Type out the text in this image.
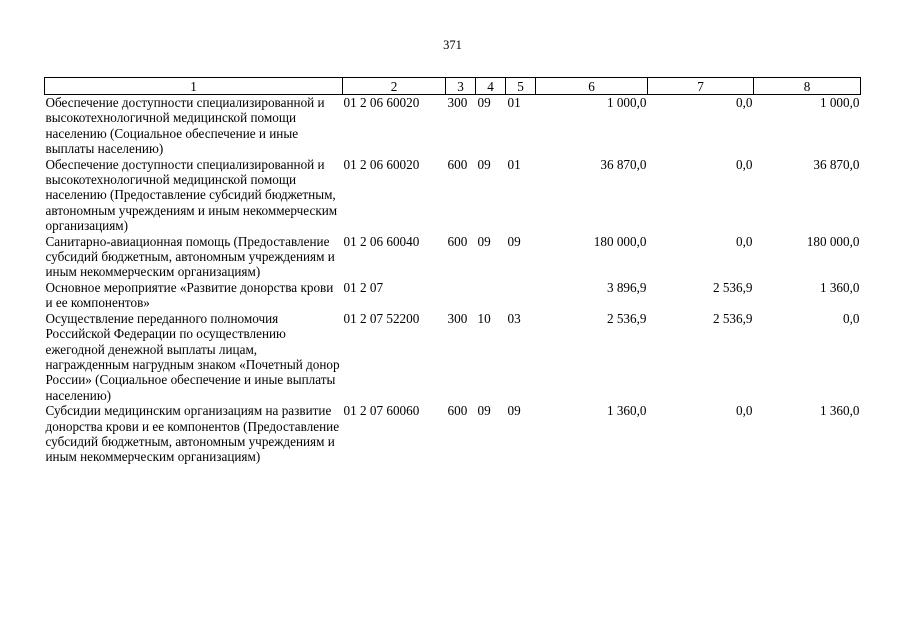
371
1	2	3	4	5	6	7	8
Обеспечение доступности специализированной и высокотехнологичной медицинской помощи населению (Социальное обеспечение и иные выплаты населению)	01 2 06 60020	300	09	01	1 000,0	0,0	1 000,0
Обеспечение доступности специализированной и высокотехнологичной медицинской помощи населению (Предоставление субсидий бюджетным, автономным учреждениям и иным некоммерческим организациям)	01 2 06 60020	600	09	01	36 870,0	0,0	36 870,0
Санитарно-авиационная помощь (Предоставление субсидий бюджетным, автономным учреждениям и иным некоммерческим организациям)	01 2 06 60040	600	09	09	180 000,0	0,0	180 000,0
Основное мероприятие «Развитие донорства крови и ее компонентов»	01 2 07				3 896,9	2 536,9	1 360,0
Осуществление переданного полномочия Российской Федерации по осуществлению ежегодной денежной выплаты лицам, награжденным нагрудным знаком «Почетный донор России» (Социальное обеспечение и иные выплаты населению)	01 2 07 52200	300	10	03	2 536,9	2 536,9	0,0
Субсидии медицинским организациям на развитие донорства крови и ее компонентов (Предоставление субсидий бюджетным, автономным учреждениям и иным некоммерческим организациям)	01 2 07 60060	600	09	09	1 360,0	0,0	1 360,0
